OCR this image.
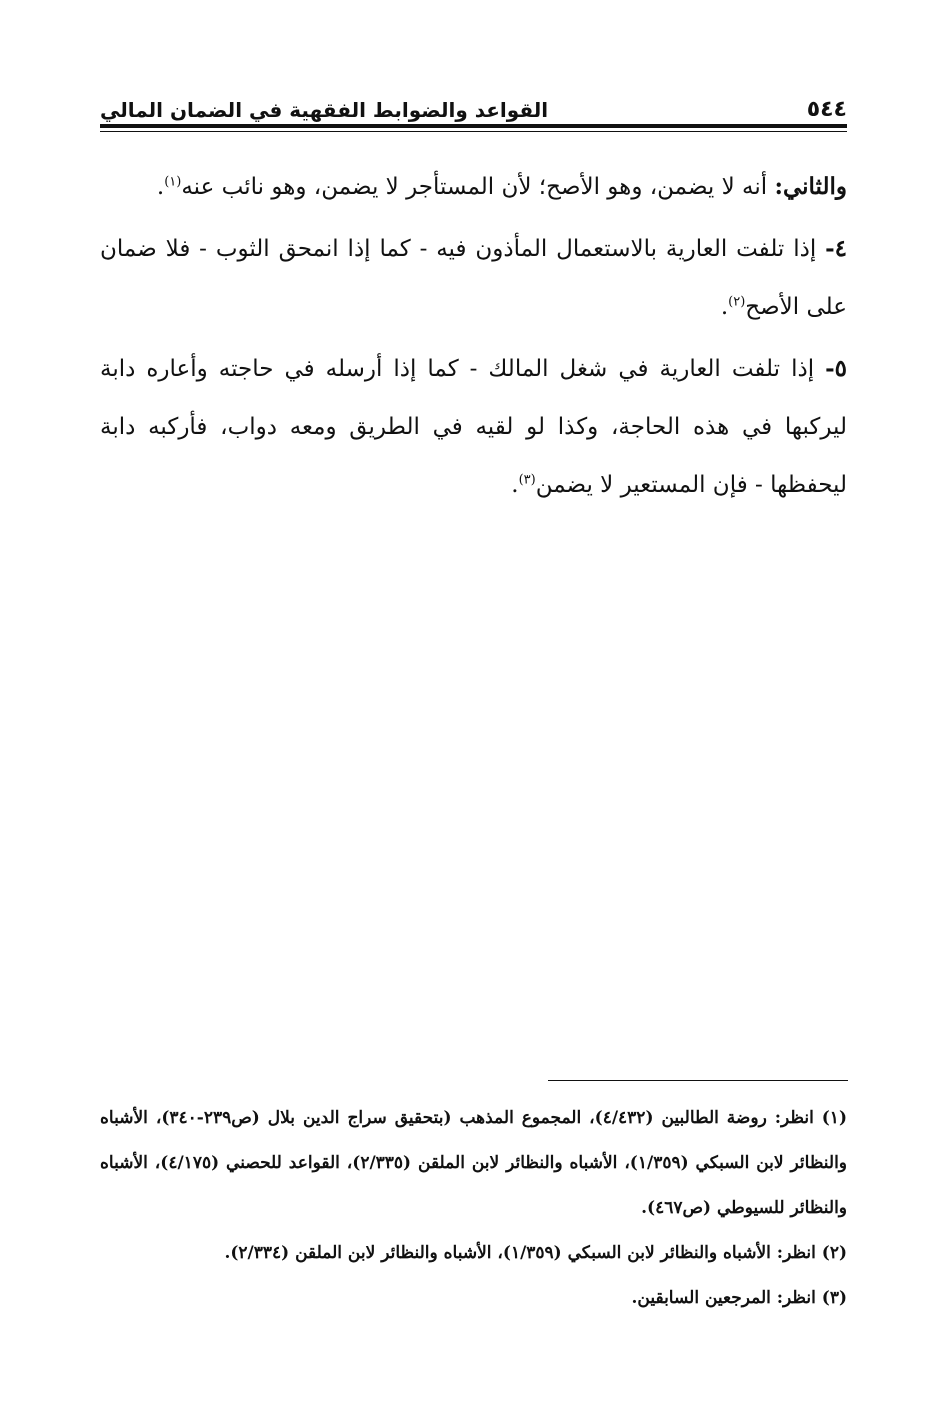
٥٤٤
القواعد والضوابط الفقهية في الضمان المالي

والثاني: أنه لا يضمن، وهو الأصح؛ لأن المستأجر لا يضمن، وهو نائب عنه$^{(١)}$.

٤- إذا تلفت العارية بالاستعمال المأذون فيه - كما إذا انمحق الثوب - فلا ضمان على الأصح$^{(٢)}$.

٥- إذا تلفت العارية في شغل المالك - كما إذا أرسله في حاجته وأعاره دابة ليركبها في هذه الحاجة، وكذا لو لقيه في الطريق ومعه دواب، فأركبه دابة ليحفظها - فإن المستعير لا يضمن$^{(٣)}$.

(١) انظر: روضة الطالبين (٤/٤٣٢)، المجموع المذهب (بتحقيق سراج الدين بلال (ص٢٣٩-٣٤٠)، الأشباه والنظائر لابن السبكي (١/٣٥٩)، الأشباه والنظائر لابن الملقن (٢/٣٣٥)، القواعد للحصني (٤/١٧٥)، الأشباه والنظائر للسيوطي (ص٤٦٧).

(٢) انظر: الأشباه والنظائر لابن السبكي (١/٣٥٩)، الأشباه والنظائر لابن الملقن (٢/٣٣٤).

(٣) انظر: المرجعين السابقين.
